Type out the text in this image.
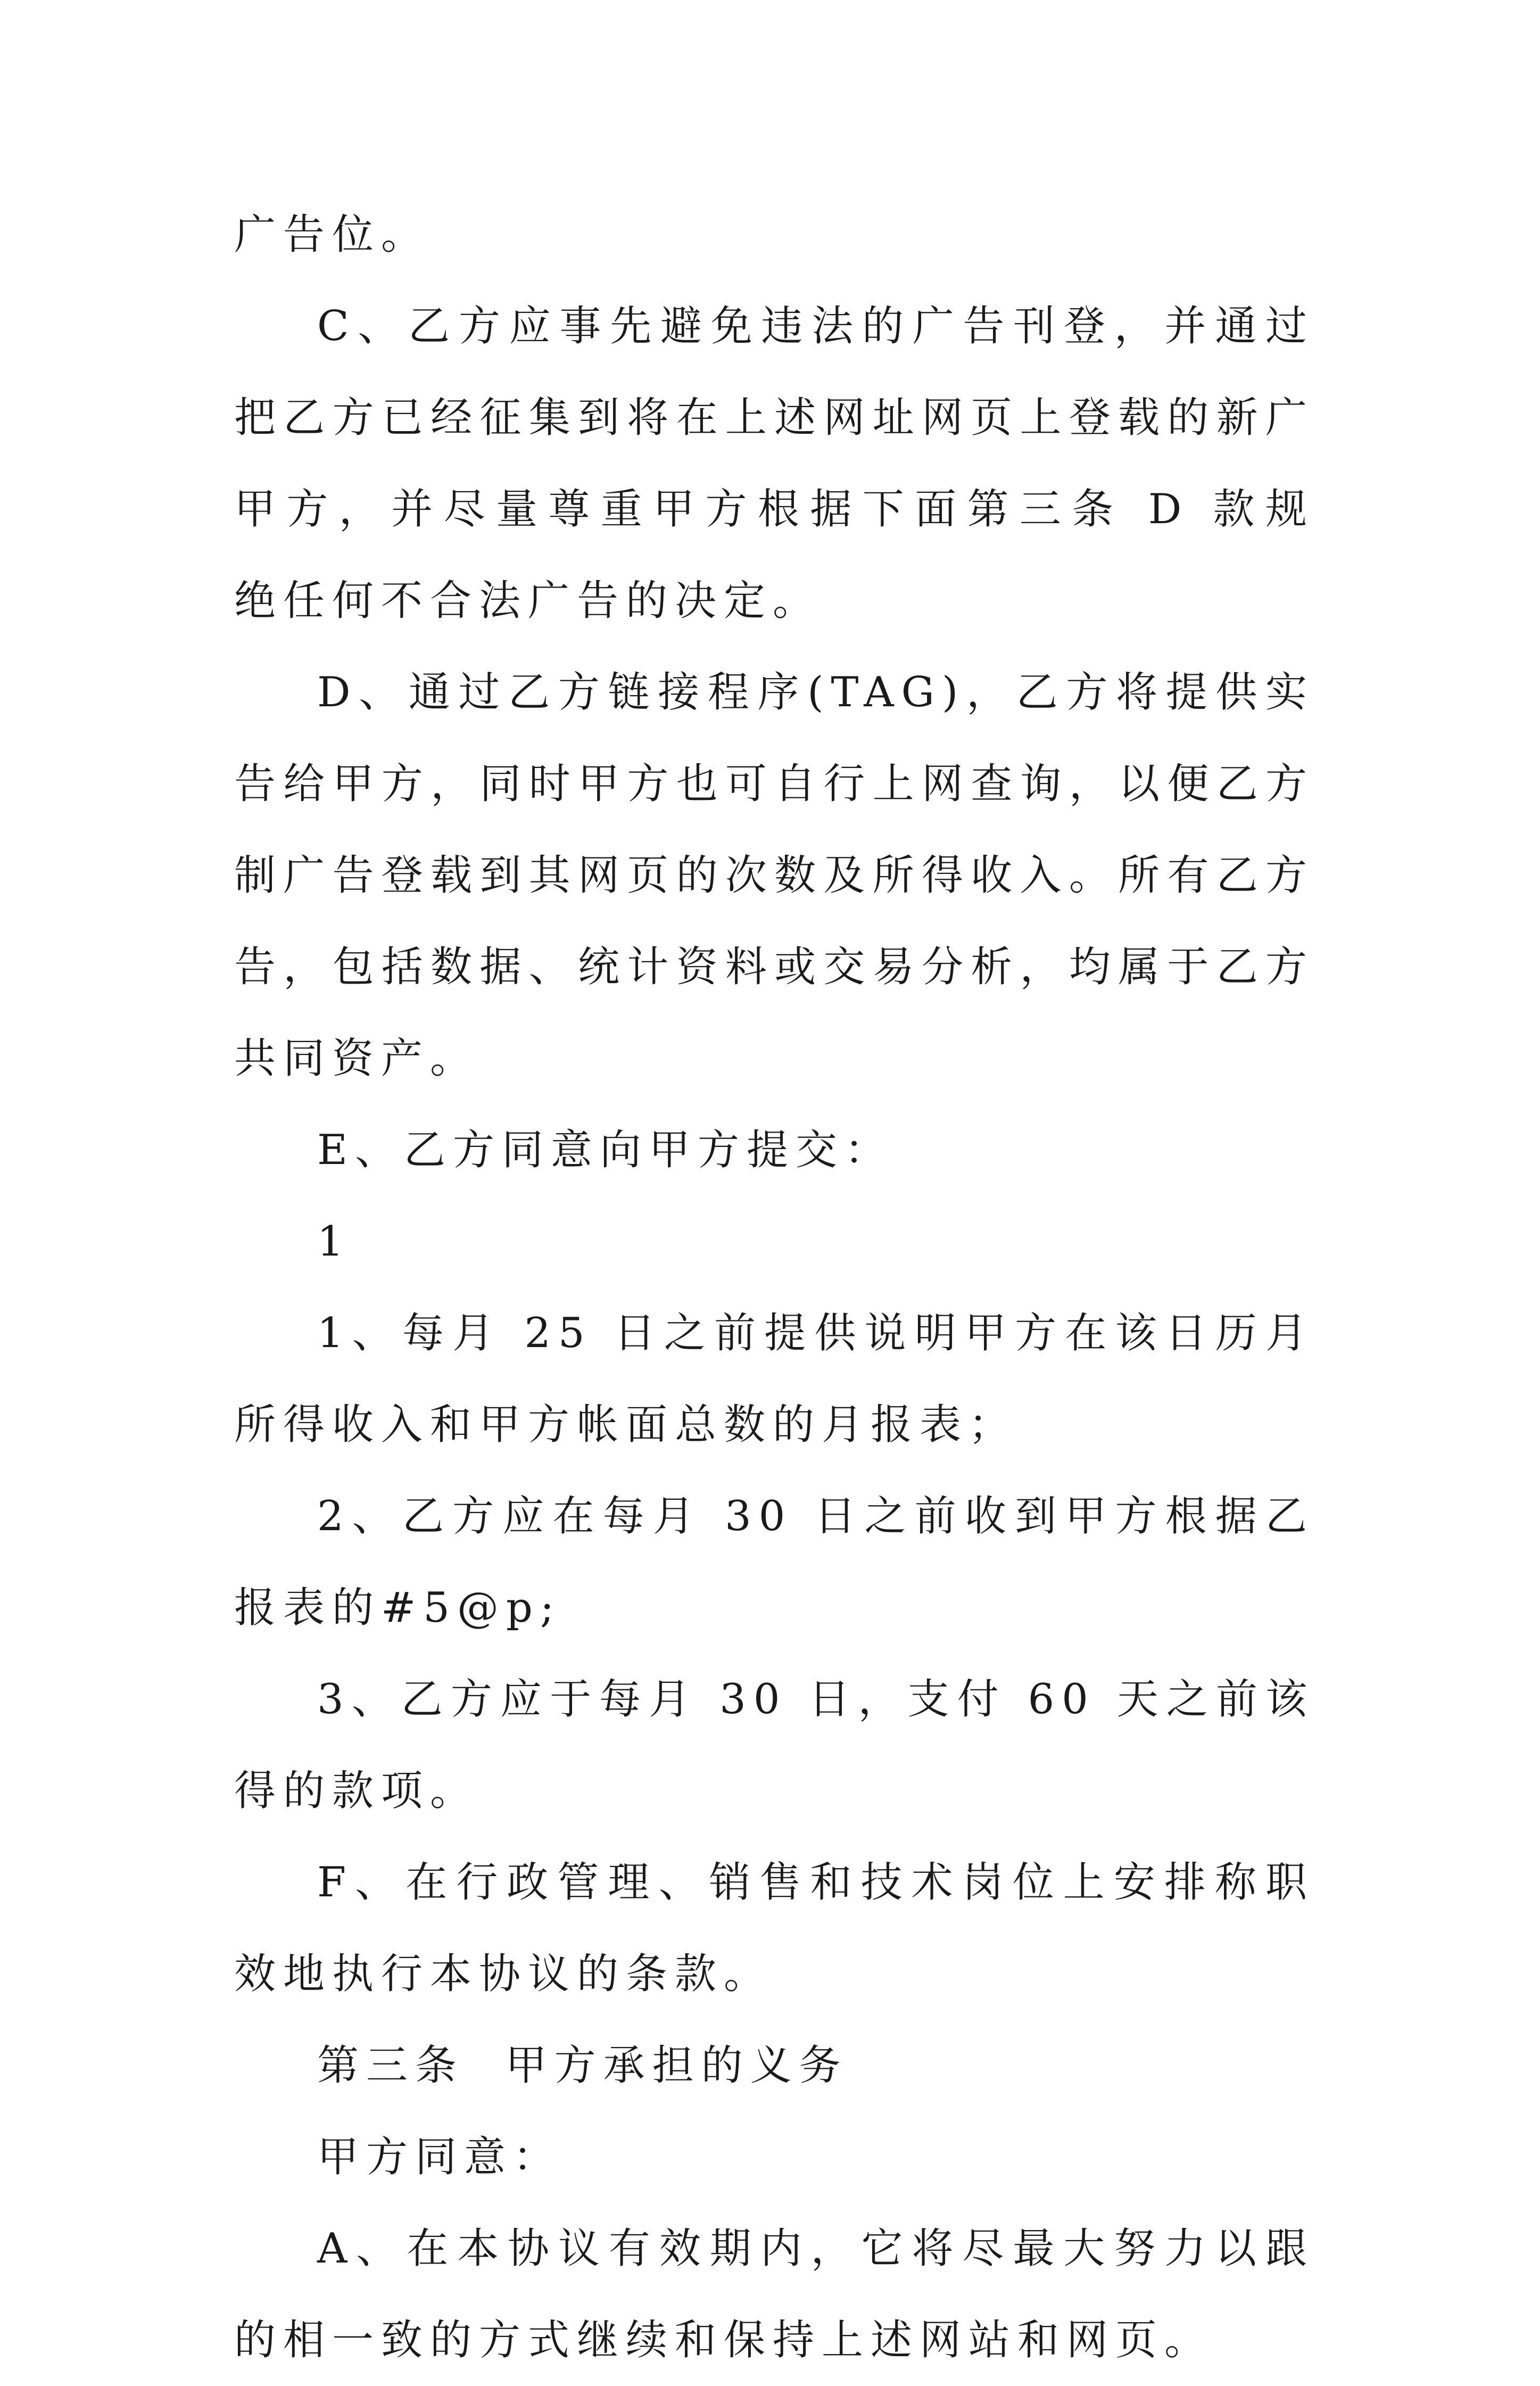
广告位。
C、乙方应事先避免违法的广告刊登，并通过
把乙方已经征集到将在上述网址网页上登载的新广
甲方，并尽量尊重甲方根据下面第三条 D 款规
绝任何不合法广告的决定。
D、通过乙方链接程序(TAG)，乙方将提供实
告给甲方，同时甲方也可自行上网查询，以便乙方
制广告登载到其网页的次数及所得收入。所有乙方
告，包括数据、统计资料或交易分析，均属于乙方
共同资产。
E、乙方同意向甲方提交：
1
1、每月 25 日之前提供说明甲方在该日历月
所得收入和甲方帐面总数的月报表；
2、乙方应在每月 30 日之前收到甲方根据乙
报表的#5@p;
3、乙方应于每月 30 日，支付 60 天之前该
得的款项。
F、在行政管理、销售和技术岗位上安排称职
效地执行本协议的条款。
第三条  甲方承担的义务
甲方同意：
A、在本协议有效期内，它将尽最大努力以跟
的相一致的方式继续和保持上述网站和网页。
